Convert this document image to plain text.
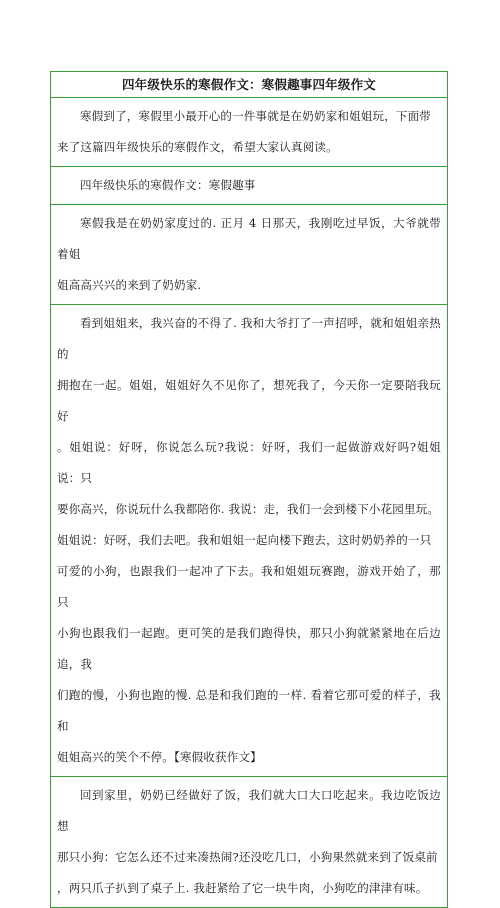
四年级快乐的寒假作文：寒假趣事四年级作文
寒假到了，寒假里小最开心的一件事就是在奶奶家和姐姐玩，下面带
来了这篇四年级快乐的寒假作文，希望大家认真阅读。
四年级快乐的寒假作文：寒假趣事
寒假我是在奶奶家度过的. 正月 4 日那天，我刚吃过早饭，大爷就带着姐
姐高高兴兴的来到了奶奶家.
看到姐姐来，我兴奋的不得了. 我和大爷打了一声招呼，就和姐姐亲热的
拥抱在一起。姐姐，姐姐好久不见你了，想死我了，今天你一定要陪我玩好
。姐姐说：好呀，你说怎么玩?我说：好呀，我们一起做游戏好吗?姐姐说：只
要你高兴，你说玩什么我都陪你. 我说：走，我们一会到楼下小花园里玩。
姐姐说：好呀，我们去吧。我和姐姐一起向楼下跑去，这时奶奶养的一只
可爱的小狗，也跟我们一起冲了下去。我和姐姐玩赛跑，游戏开始了，那只
小狗也跟我们一起跑。更可笑的是我们跑得快，那只小狗就紧紧地在后边追，我
们跑的慢，小狗也跑的慢. 总是和我们跑的一样. 看着它那可爱的样子，我和
姐姐高兴的笑个不停。【寒假收获作文】
回到家里，奶奶已经做好了饭，我们就大口大口吃起来。我边吃饭边想
那只小狗：它怎么还不过来凑热闹?还没吃几口，小狗果然就来到了饭桌前
，两只爪子扒到了桌子上. 我赶紧给了它一块牛肉，小狗吃的津津有味。
